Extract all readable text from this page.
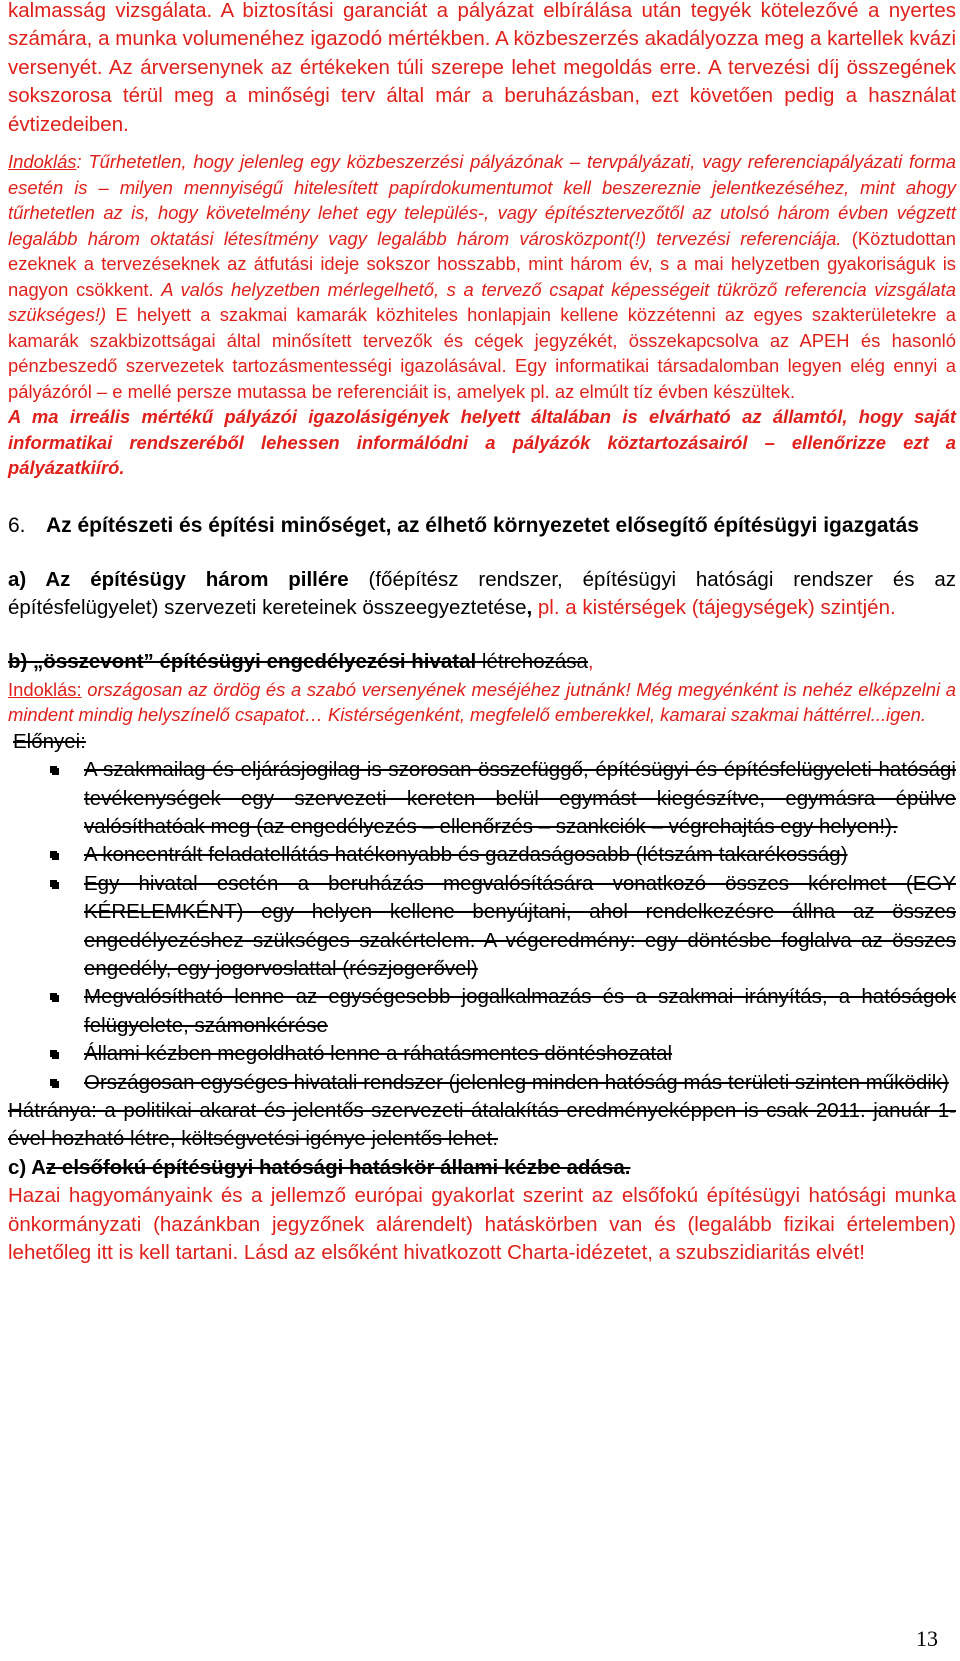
kalmasság vizsgálata. A biztosítási garanciát a pályázat elbírálása után tegyék kötelezővé a nyertes számára, a munka volumenéhez igazodó mértékben. A közbeszerzés akadályozza meg a kartellek kvázi versenyét. Az árversenynek az értékeken túli szerepe lehet megoldás erre. A tervezési díj összegének sokszorosa térül meg a minőségi terv által már a beruházásban, ezt követően pedig a használat évtizedeiben.

Indoklás: Tűrhetetlen, hogy jelenleg egy közbeszerzési pályázónak – tervpályázati, vagy referenciapályázati forma esetén is – milyen mennyiségű hitelesített papírdokumentumot kell beszereznie jelentkezéséhez, mint ahogy tűrhetetlen az is, hogy követelmény lehet egy település-, vagy építésztervezőtől az utolsó három évben végzett legalább három oktatási létesítmény vagy legalább három városközpont(!) tervezési referenciája. (Köztudottan ezeknek a tervezéseknek az átfutási ideje sokszor hosszabb, mint három év, s a mai helyzetben gyakoriságuk is nagyon csökkent. A valós helyzetben mérlegelhető, s a tervező csapat képességeit tükröző referencia vizsgálata szükséges!) E helyett a szakmai kamarák közhiteles honlapjain kellene közzétenni az egyes szakterületekre a kamarák szakbizottságai által minősített tervezők és cégek jegyzékét, összekapcsolva az APEH és hasonló pénzbeszedő szervezetek tartozásmentességi igazolásával. Egy informatikai társadalomban legyen elég ennyi a pályázóról – e mellé persze mutassa be referenciáit is, amelyek pl. az elmúlt tíz évben készültek.
A ma irreális mértékű pályázói igazolásigények helyett általában is elvárható az államtól, hogy saját informatikai rendszeréből lehessen informálódni a pályázók köztartozásairól – ellenőrizze ezt a pályázatkiíró.

6. Az építészeti és építési minőséget, az élhető környezetet elősegítő építésügyi igazgatás

a) Az építésügy három pillére (főépítész rendszer, építésügyi hatósági rendszer és az építésfelügyelet) szervezeti kereteinek összeegyeztetése, pl. a kistérségek (tájegységek) szintjén.

b) „összevont” építésügyi engedélyezési hivatal létrehozása,

Indoklás: országosan az ördög és a szabó versenyének meséjéhez jutnánk! Még megyénként is nehéz elképzelni a mindent mindig helyszínelő csapatot… Kistérségenként, megfelelő emberekkel, kamarai szakmai háttérrel...igen.

Előnyei:

A szakmailag és eljárásjogilag is szorosan összefüggő, építésügyi és építésfelügyeleti hatósági tevékenységek egy szervezeti kereten belül egymást kiegészítve, egymásra épülve valósíthatóak meg (az engedélyezés – ellenőrzés – szankciók – végrehajtás egy helyen!).
A koncentrált feladatellátás hatékonyabb és gazdaságosabb (létszám takarékosság)
Egy hivatal esetén a beruházás megvalósítására vonatkozó összes kérelmet (EGY KÉRELEMKÉNT) egy helyen kellene benyújtani, ahol rendelkezésre állna az összes engedélyezéshez szükséges szakértelem. A végeredmény: egy döntésbe foglalva az összes engedély, egy jogorvoslattal (részjogerővel)
Megvalósítható lenne az egységesebb jogalkalmazás és a szakmai irányítás, a hatóságok felügyelete, számonkérése
Állami kézben megoldható lenne a ráhatásmentes döntéshozatal
Országosan egységes hivatali rendszer (jelenleg minden hatóság más területi szinten működik)

Hátránya: a politikai akarat és jelentős szervezeti átalakítás eredményeképpen is csak 2011. január 1-ével hozható létre, költségvetési igénye jelentős lehet.

c) Az elsőfokú építésügyi hatósági hatáskör állami kézbe adása.

Hazai hagyományaink és a jellemző európai gyakorlat szerint az elsőfokú építésügyi hatósági munka önkormányzati (hazánkban jegyzőnek alárendelt) hatáskörben van és (legalább fizikai értelemben) lehetőleg itt is kell tartani. Lásd az elsőként hivatkozott Charta-idézetet, a szubszidiaritás elvét!

13
